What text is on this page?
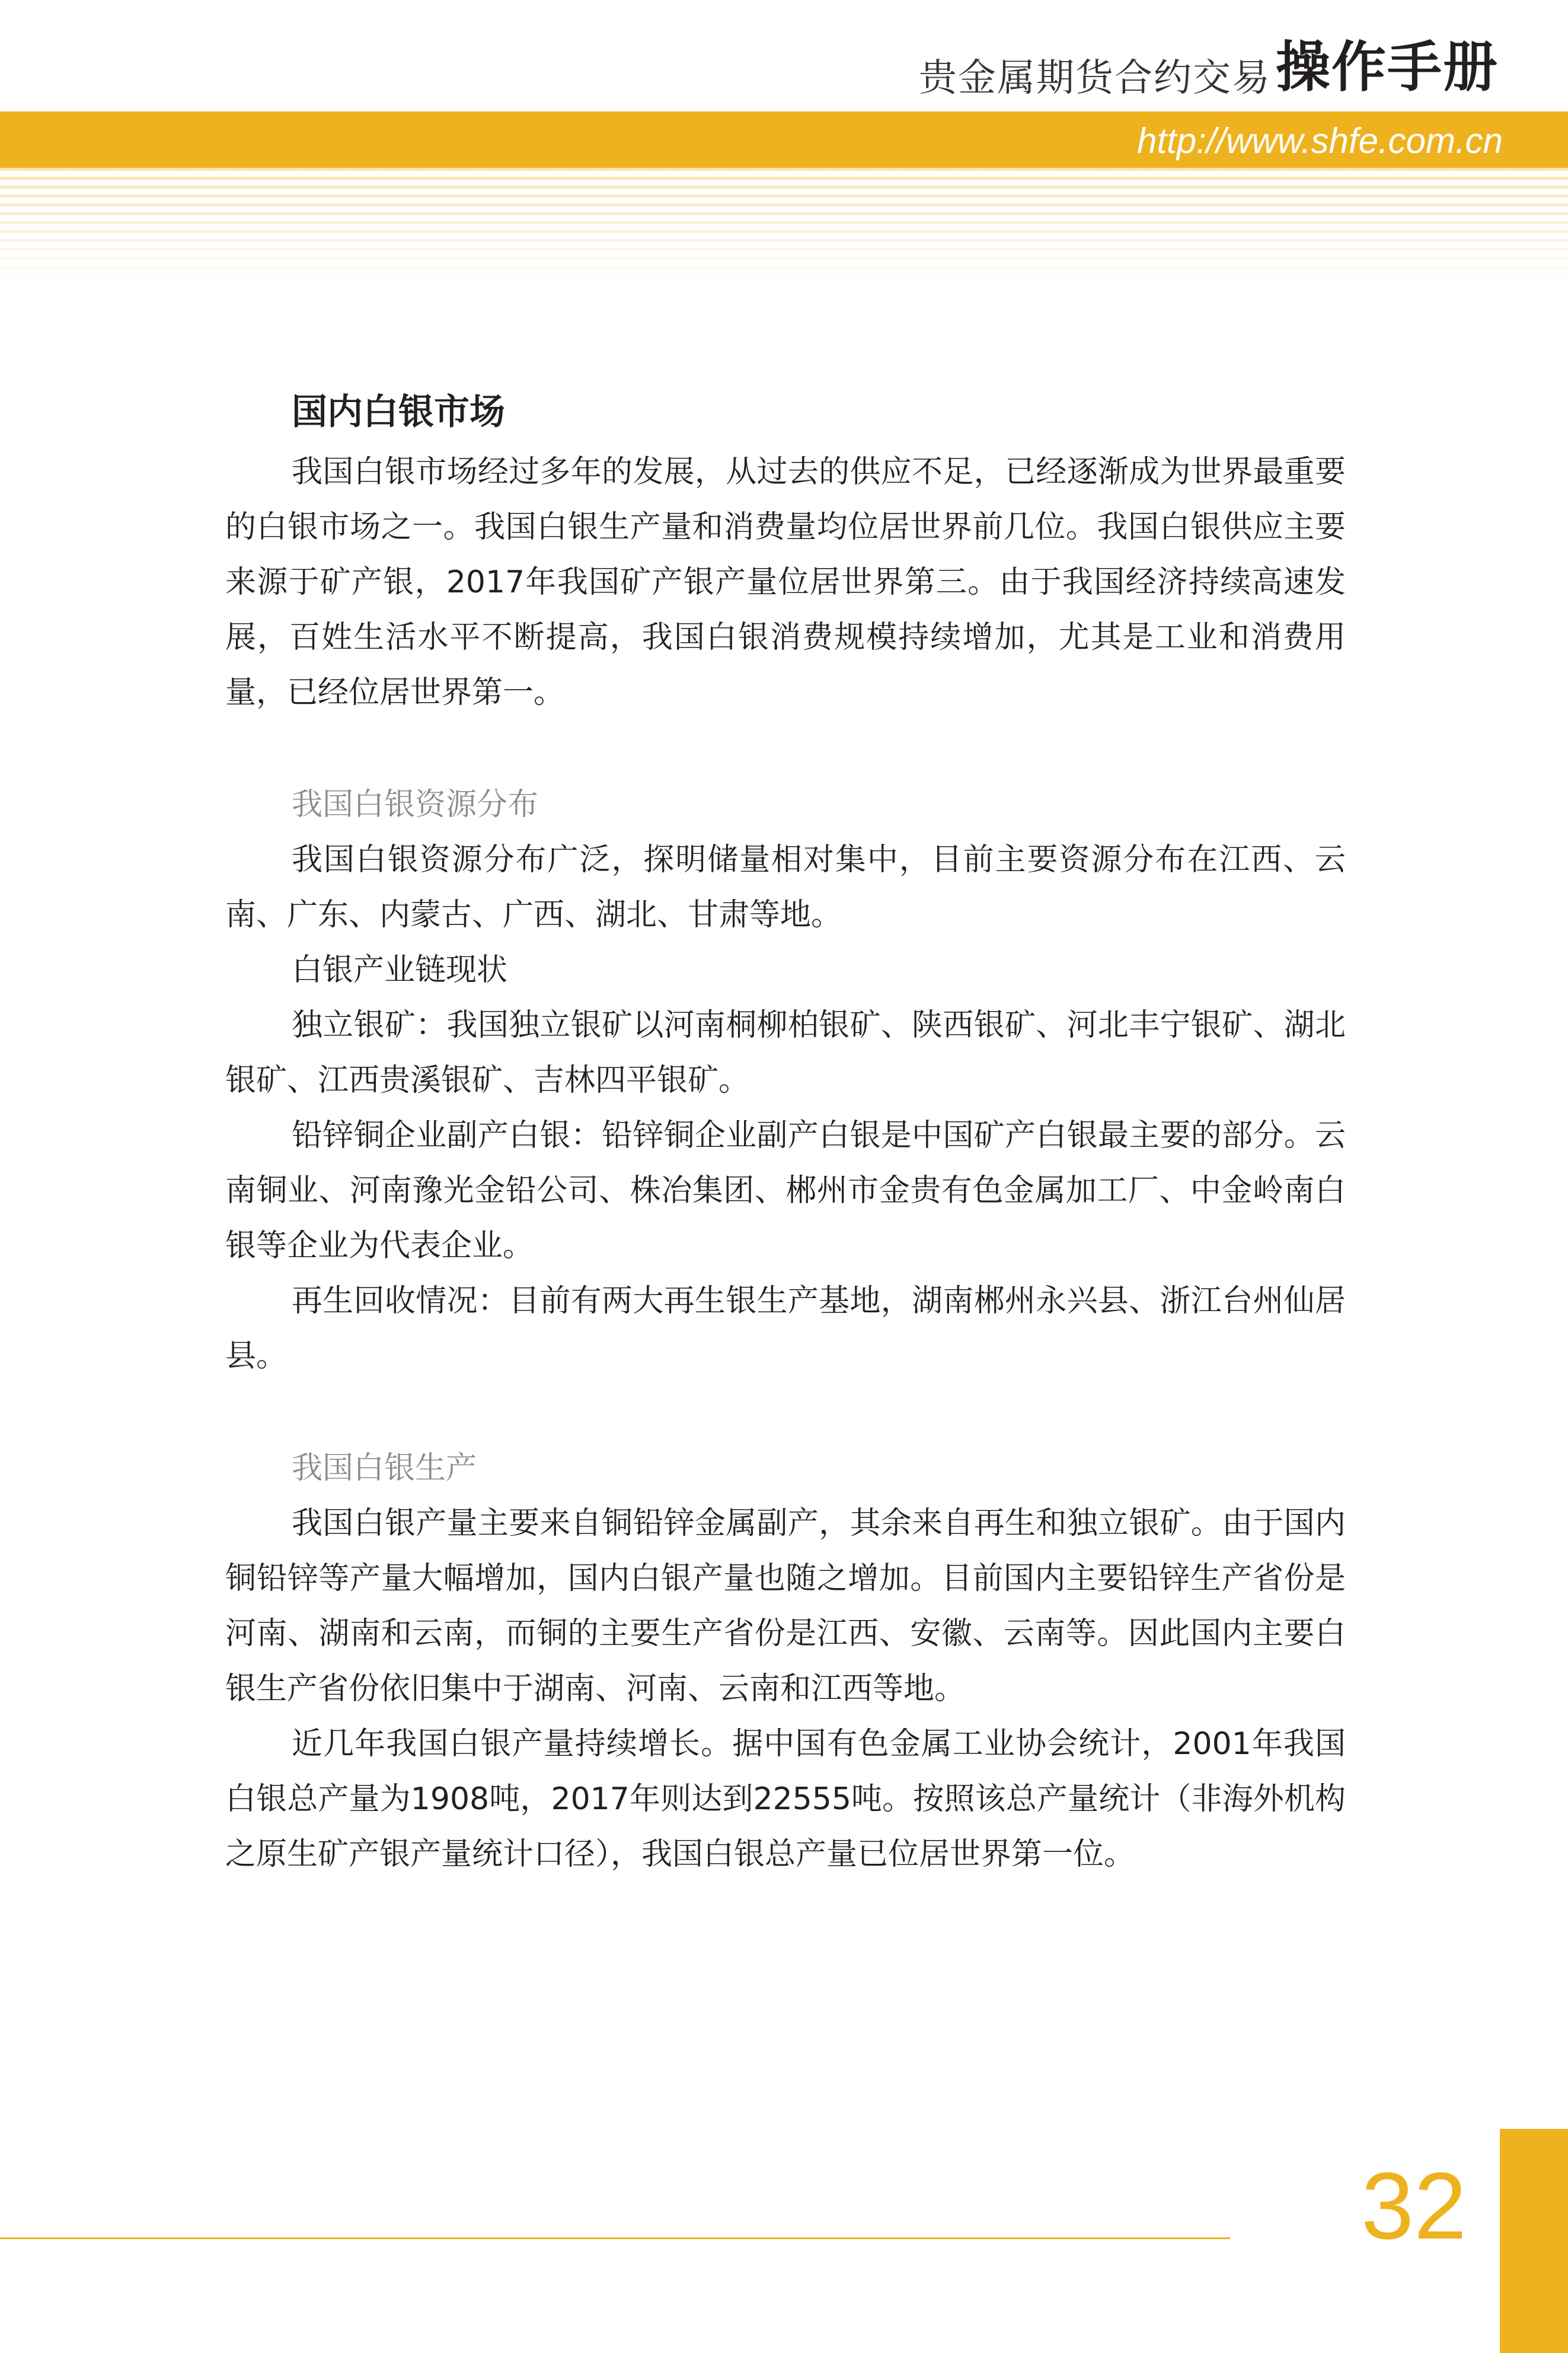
贵金属期货合约交易 操作手册
http://www.shfe.com.cn
国内白银市场

我国白银市场经过多年的发展，从过去的供应不足，已经逐渐成为世界最重要的白银市场之一。我国白银生产量和消费量均位居世界前几位。我国白银供应主要来源于矿产银，2017年我国矿产银产量位居世界第三。由于我国经济持续高速发展，百姓生活水平不断提高，我国白银消费规模持续增加，尤其是工业和消费用量，已经位居世界第一。

我国白银资源分布

我国白银资源分布广泛，探明储量相对集中，目前主要资源分布在江西、云南、广东、内蒙古、广西、湖北、甘肃等地。

白银产业链现状

独立银矿：我国独立银矿以河南桐柳柏银矿、陕西银矿、河北丰宁银矿、湖北银矿、江西贵溪银矿、吉林四平银矿。

铅锌铜企业副产白银：铅锌铜企业副产白银是中国矿产白银最主要的部分。云南铜业、河南豫光金铅公司、株冶集团、郴州市金贵有色金属加工厂、中金岭南白银等企业为代表企业。

再生回收情况：目前有两大再生银生产基地，湖南郴州永兴县、浙江台州仙居县。

我国白银生产

我国白银产量主要来自铜铅锌金属副产，其余来自再生和独立银矿。由于国内铜铅锌等产量大幅增加，国内白银产量也随之增加。目前国内主要铅锌生产省份是河南、湖南和云南，而铜的主要生产省份是江西、安徽、云南等。因此国内主要白银生产省份依旧集中于湖南、河南、云南和江西等地。

近几年我国白银产量持续增长。据中国有色金属工业协会统计，2001年我国白银总产量为1908吨，2017年则达到22555吨。按照该总产量统计（非海外机构之原生矿产银产量统计口径），我国白银总产量已位居世界第一位。

32
